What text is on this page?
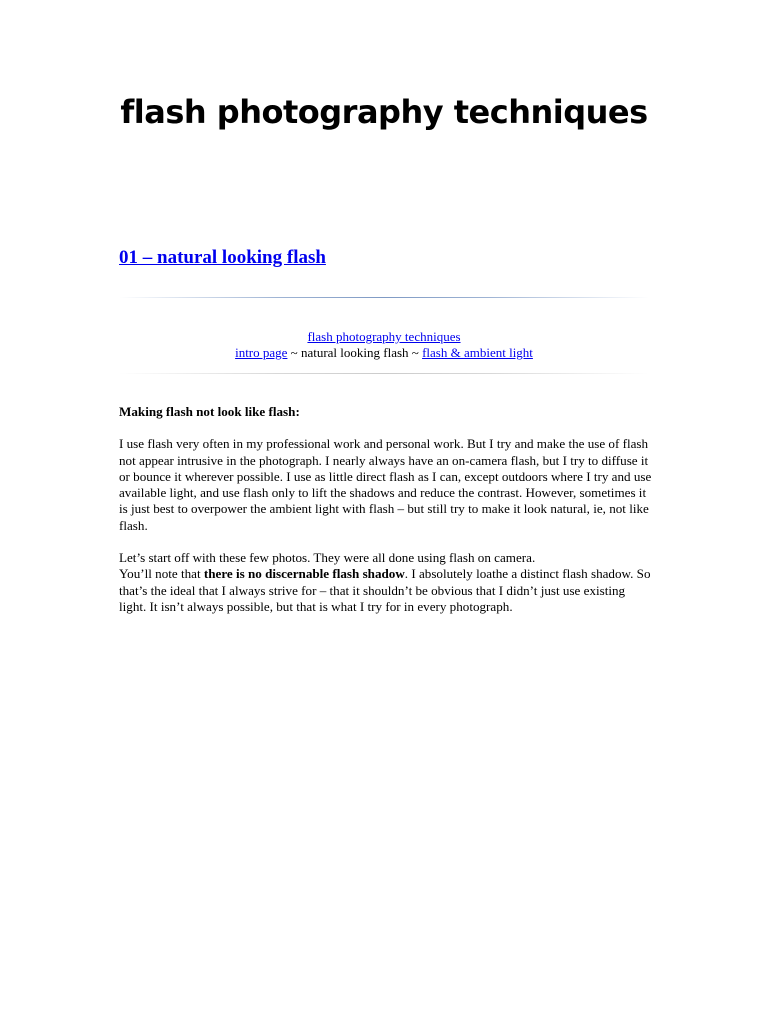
flash photography techniques
01 – natural looking flash
flash photography techniques
intro page ~ natural looking flash ~ flash & ambient light

Making flash not look like flash:

I use flash very often in my professional work and personal work. But I try and make the use of flash not appear intrusive in the photograph. I nearly always have an on-camera flash, but I try to diffuse it or bounce it wherever possible. I use as little direct flash as I can, except outdoors where I try and use available light, and use flash only to lift the shadows and reduce the contrast. However, sometimes it is just best to overpower the ambient light with flash – but still try to make it look natural, ie, not like flash.

Let’s start off with these few photos. They were all done using flash on camera.
You’ll note that there is no discernable flash shadow. I absolutely loathe a distinct flash shadow. So that’s the ideal that I always strive for – that it shouldn’t be obvious that I didn’t just use existing light. It isn’t always possible, but that is what I try for in every photograph.
